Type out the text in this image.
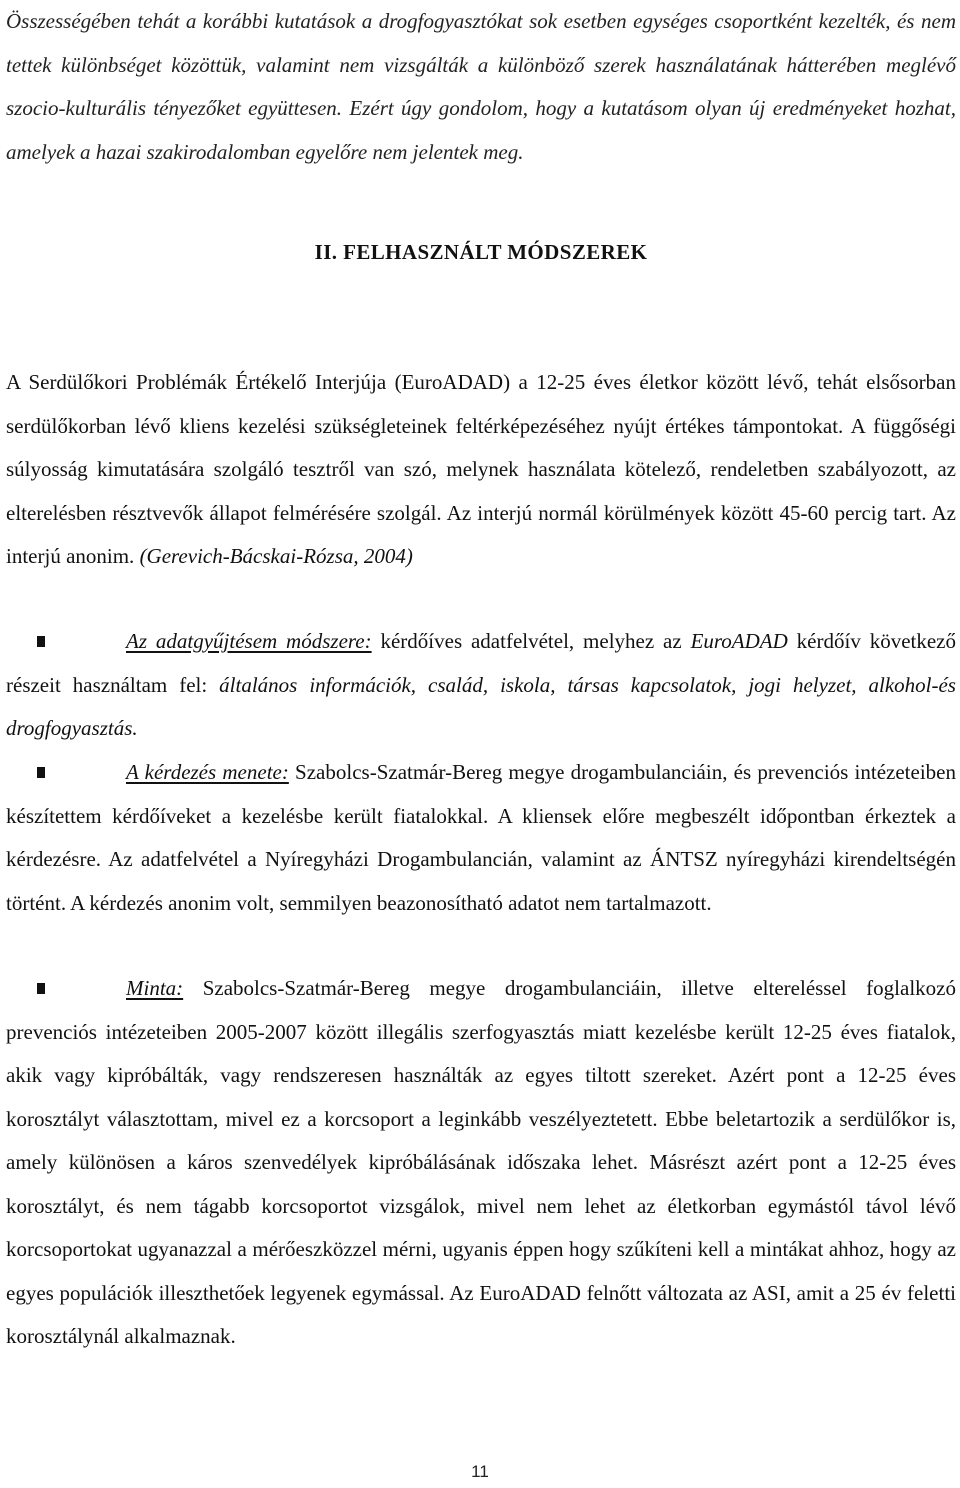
Összességében tehát a korábbi kutatások a drogfogyasztókat sok esetben egységes csoportként kezelték, és nem tettek különbséget közöttük, valamint nem vizsgálták a különböző szerek használatának hátterében meglévő szocio-kulturális tényezőket együttesen. Ezért úgy gondolom, hogy a kutatásom olyan új eredményeket hozhat, amelyek a hazai szakirodalomban egyelőre nem jelentek meg.

II. FELHASZNÁLT MÓDSZEREK

A Serdülőkori Problémák Értékelő Interjúja (EuroADAD) a 12-25 éves életkor között lévő, tehát elsősorban serdülőkorban lévő kliens kezelési szükségleteinek feltérképezéséhez nyújt értékes támpontokat. A függőségi súlyosság kimutatására szolgáló tesztről van szó, melynek használata kötelező, rendeletben szabályozott, az elterelésben résztvevők állapot felmérésére szolgál. Az interjú normál körülmények között 45-60 percig tart. Az interjú anonim. (Gerevich-Bácskai-Rózsa, 2004)

Az adatgyűjtésem módszere: kérdőíves adatfelvétel, melyhez az EuroADAD kérdőív következő részeit használtam fel: általános információk, család, iskola, társas kapcsolatok, jogi helyzet, alkohol-és drogfogyasztás.

A kérdezés menete: Szabolcs-Szatmár-Bereg megye drogambulanciáin, és prevenciós intézeteiben készítettem kérdőíveket a kezelésbe került fiatalokkal. A kliensek előre megbeszélt időpontban érkeztek a kérdezésre. Az adatfelvétel a Nyíregyházi Drogambulancián, valamint az ÁNTSZ nyíregyházi kirendeltségén történt. A kérdezés anonim volt, semmilyen beazonosítható adatot nem tartalmazott.

Minta: Szabolcs-Szatmár-Bereg megye drogambulanciáin, illetve eltereléssel foglalkozó prevenciós intézeteiben 2005-2007 között illegális szerfogyasztás miatt kezelésbe került 12-25 éves fiatalok, akik vagy kipróbálták, vagy rendszeresen használták az egyes tiltott szereket. Azért pont a 12-25 éves korosztályt választottam, mivel ez a korcsoport a leginkább veszélyeztetett. Ebbe beletartozik a serdülőkor is, amely különösen a káros szenvedélyek kipróbálásának időszaka lehet. Másrészt azért pont a 12-25 éves korosztályt, és nem tágabb korcsoportot vizsgálok, mivel nem lehet az életkorban egymástól távol lévő korcsoportokat ugyanazzal a mérőeszközzel mérni, ugyanis éppen hogy szűkíteni kell a mintákat ahhoz, hogy az egyes populációk illeszthetőek legyenek egymással. Az EuroADAD felnőtt változata az ASI, amit a 25 év feletti korosztálynál alkalmaznak.

11
